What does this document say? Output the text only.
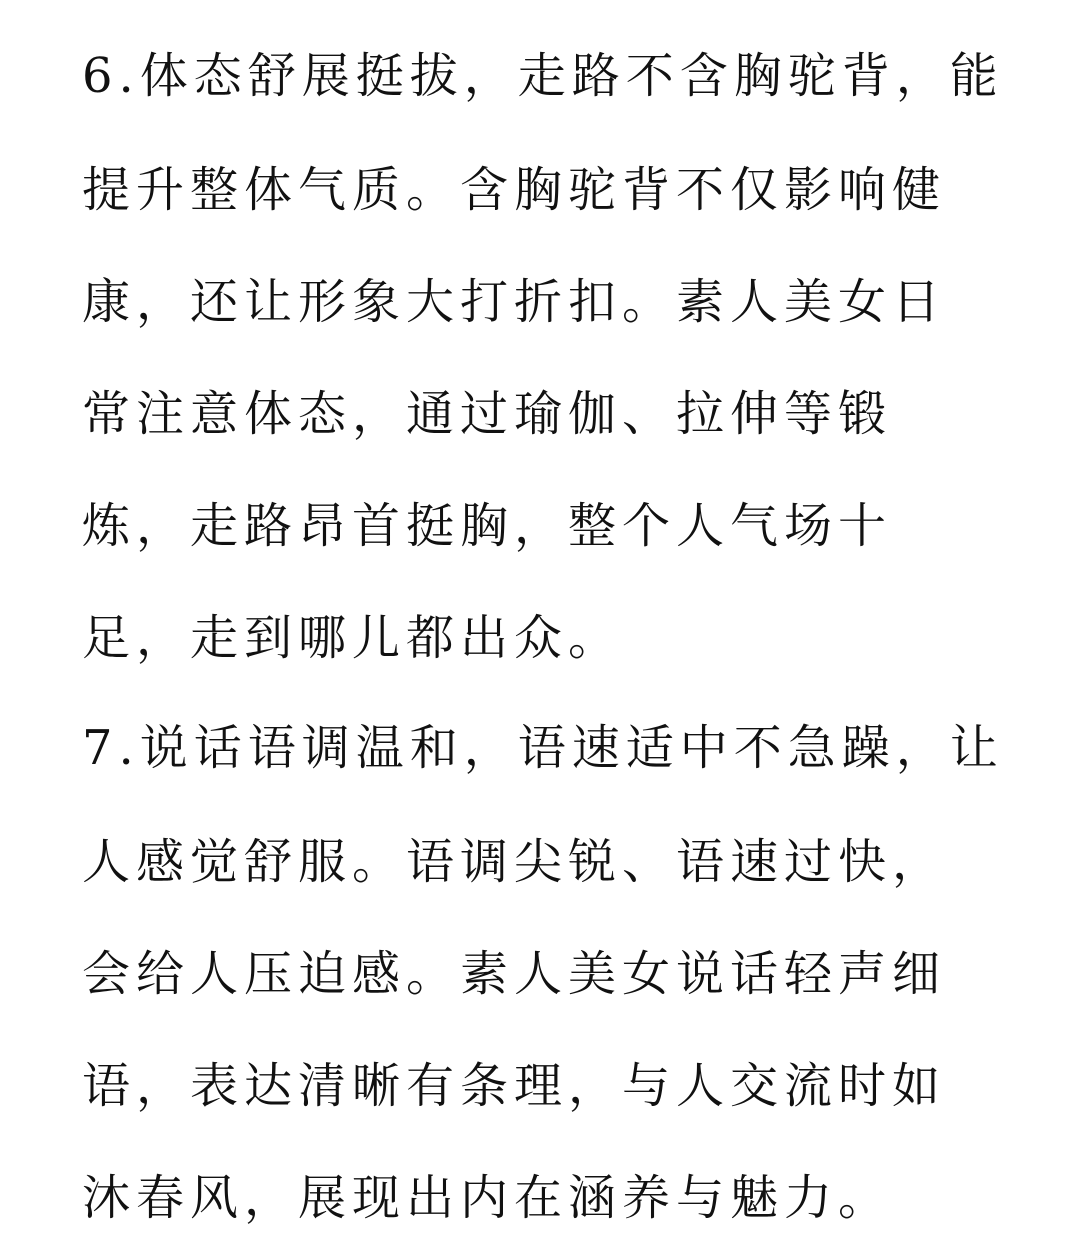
6.体态舒展挺拔，走路不含胸驼背，能
提升整体气质。含胸驼背不仅影响健
康，还让形象大打折扣。素人美女日
常注意体态，通过瑜伽、拉伸等锻
炼，走路昂首挺胸，整个人气场十
足，走到哪儿都出众。
7.说话语调温和，语速适中不急躁，让
人感觉舒服。语调尖锐、语速过快，
会给人压迫感。素人美女说话轻声细
语，表达清晰有条理，与人交流时如
沐春风，展现出内在涵养与魅力。
